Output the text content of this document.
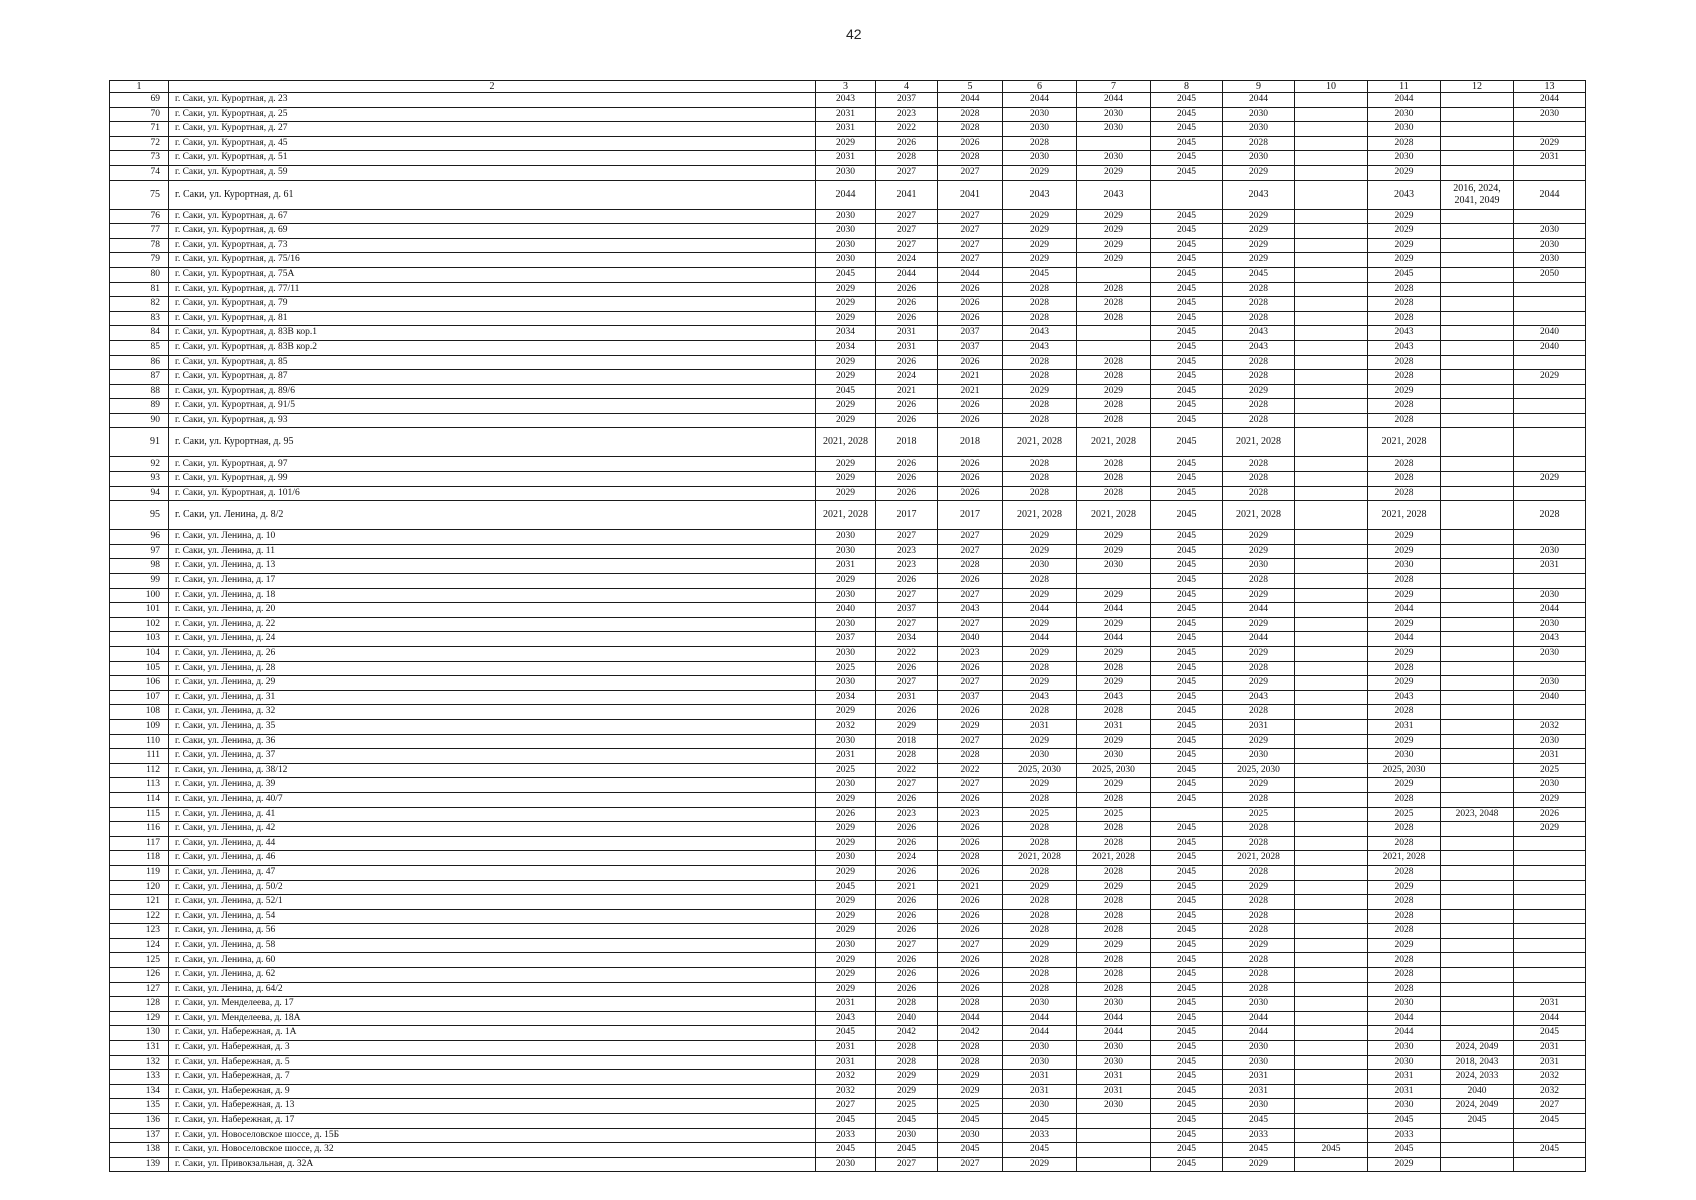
42
1	2	3	4	5	6	7	8	9	10	11	12	13
69	г. Саки, ул. Курортная, д. 23	2043	2037	2044	2044	2044	2045	2044		2044		2044
70	г. Саки, ул. Курортная, д. 25	2031	2023	2028	2030	2030	2045	2030		2030		2030
71	г. Саки, ул. Курортная, д. 27	2031	2022	2028	2030	2030	2045	2030		2030		
72	г. Саки, ул. Курортная, д. 45	2029	2026	2026	2028		2045	2028		2028		2029
73	г. Саки, ул. Курортная, д. 51	2031	2028	2028	2030	2030	2045	2030		2030		2031
74	г. Саки, ул. Курортная, д. 59	2030	2027	2027	2029	2029	2045	2029		2029		
75	г. Саки, ул. Курортная, д. 61	2044	2041	2041	2043	2043		2043		2043	2016, 2024, 2041, 2049	2044
76	г. Саки, ул. Курортная, д. 67	2030	2027	2027	2029	2029	2045	2029		2029		
77	г. Саки, ул. Курортная, д. 69	2030	2027	2027	2029	2029	2045	2029		2029		2030
78	г. Саки, ул. Курортная, д. 73	2030	2027	2027	2029	2029	2045	2029		2029		2030
79	г. Саки, ул. Курортная, д. 75/16	2030	2024	2027	2029	2029	2045	2029		2029		2030
80	г. Саки, ул. Курортная, д. 75А	2045	2044	2044	2045		2045	2045		2045		2050
81	г. Саки, ул. Курортная, д. 77/11	2029	2026	2026	2028	2028	2045	2028		2028		
82	г. Саки, ул. Курортная, д. 79	2029	2026	2026	2028	2028	2045	2028		2028		
83	г. Саки, ул. Курортная, д. 81	2029	2026	2026	2028	2028	2045	2028		2028		
84	г. Саки, ул. Курортная, д. 83В кор.1	2034	2031	2037	2043		2045	2043		2043		2040
85	г. Саки, ул. Курортная, д. 83В кор.2	2034	2031	2037	2043		2045	2043		2043		2040
86	г. Саки, ул. Курортная, д. 85	2029	2026	2026	2028	2028	2045	2028		2028		
87	г. Саки, ул. Курортная, д. 87	2029	2024	2021	2028	2028	2045	2028		2028		2029
88	г. Саки, ул. Курортная, д. 89/6	2045	2021	2021	2029	2029	2045	2029		2029		
89	г. Саки, ул. Курортная, д. 91/5	2029	2026	2026	2028	2028	2045	2028		2028		
90	г. Саки, ул. Курортная, д. 93	2029	2026	2026	2028	2028	2045	2028		2028		
91	г. Саки, ул. Курортная, д. 95	2021, 2028	2018	2018	2021, 2028	2021, 2028	2045	2021, 2028		2021, 2028		
92	г. Саки, ул. Курортная, д. 97	2029	2026	2026	2028	2028	2045	2028		2028		
93	г. Саки, ул. Курортная, д. 99	2029	2026	2026	2028	2028	2045	2028		2028		2029
94	г. Саки, ул. Курортная, д. 101/6	2029	2026	2026	2028	2028	2045	2028		2028		
95	г. Саки, ул. Ленина, д. 8/2	2021, 2028	2017	2017	2021, 2028	2021, 2028	2045	2021, 2028		2021, 2028		2028
96	г. Саки, ул. Ленина, д. 10	2030	2027	2027	2029	2029	2045	2029		2029		
97	г. Саки, ул. Ленина, д. 11	2030	2023	2027	2029	2029	2045	2029		2029		2030
98	г. Саки, ул. Ленина, д. 13	2031	2023	2028	2030	2030	2045	2030		2030		2031
99	г. Саки, ул. Ленина, д. 17	2029	2026	2026	2028		2045	2028		2028		
100	г. Саки, ул. Ленина, д. 18	2030	2027	2027	2029	2029	2045	2029		2029		2030
101	г. Саки, ул. Ленина, д. 20	2040	2037	2043	2044	2044	2045	2044		2044		2044
102	г. Саки, ул. Ленина, д. 22	2030	2027	2027	2029	2029	2045	2029		2029		2030
103	г. Саки, ул. Ленина, д. 24	2037	2034	2040	2044	2044	2045	2044		2044		2043
104	г. Саки, ул. Ленина, д. 26	2030	2022	2023	2029	2029	2045	2029		2029		2030
105	г. Саки, ул. Ленина, д. 28	2025	2026	2026	2028	2028	2045	2028		2028		
106	г. Саки, ул. Ленина, д. 29	2030	2027	2027	2029	2029	2045	2029		2029		2030
107	г. Саки, ул. Ленина, д. 31	2034	2031	2037	2043	2043	2045	2043		2043		2040
108	г. Саки, ул. Ленина, д. 32	2029	2026	2026	2028	2028	2045	2028		2028		
109	г. Саки, ул. Ленина, д. 35	2032	2029	2029	2031	2031	2045	2031		2031		2032
110	г. Саки, ул. Ленина, д. 36	2030	2018	2027	2029	2029	2045	2029		2029		2030
111	г. Саки, ул. Ленина, д. 37	2031	2028	2028	2030	2030	2045	2030		2030		2031
112	г. Саки, ул. Ленина, д. 38/12	2025	2022	2022	2025, 2030	2025, 2030	2045	2025, 2030		2025, 2030		2025
113	г. Саки, ул. Ленина, д. 39	2030	2027	2027	2029	2029	2045	2029		2029		2030
114	г. Саки, ул. Ленина, д. 40/7	2029	2026	2026	2028	2028	2045	2028		2028		2029
115	г. Саки, ул. Ленина, д. 41	2026	2023	2023	2025	2025		2025		2025	2023, 2048	2026
116	г. Саки, ул. Ленина, д. 42	2029	2026	2026	2028	2028	2045	2028		2028		2029
117	г. Саки, ул. Ленина, д. 44	2029	2026	2026	2028	2028	2045	2028		2028		
118	г. Саки, ул. Ленина, д. 46	2030	2024	2028	2021, 2028	2021, 2028	2045	2021, 2028		2021, 2028		
119	г. Саки, ул. Ленина, д. 47	2029	2026	2026	2028	2028	2045	2028		2028		
120	г. Саки, ул. Ленина, д. 50/2	2045	2021	2021	2029	2029	2045	2029		2029		
121	г. Саки, ул. Ленина, д. 52/1	2029	2026	2026	2028	2028	2045	2028		2028		
122	г. Саки, ул. Ленина, д. 54	2029	2026	2026	2028	2028	2045	2028		2028		
123	г. Саки, ул. Ленина, д. 56	2029	2026	2026	2028	2028	2045	2028		2028		
124	г. Саки, ул. Ленина, д. 58	2030	2027	2027	2029	2029	2045	2029		2029		
125	г. Саки, ул. Ленина, д. 60	2029	2026	2026	2028	2028	2045	2028		2028		
126	г. Саки, ул. Ленина, д. 62	2029	2026	2026	2028	2028	2045	2028		2028		
127	г. Саки, ул. Ленина, д. 64/2	2029	2026	2026	2028	2028	2045	2028		2028		
128	г. Саки, ул. Менделеева, д. 17	2031	2028	2028	2030	2030	2045	2030		2030		2031
129	г. Саки, ул. Менделеева, д. 18А	2043	2040	2044	2044	2044	2045	2044		2044		2044
130	г. Саки, ул. Набережная, д. 1А	2045	2042	2042	2044	2044	2045	2044		2044		2045
131	г. Саки, ул. Набережная, д. 3	2031	2028	2028	2030	2030	2045	2030		2030	2024, 2049	2031
132	г. Саки, ул. Набережная, д. 5	2031	2028	2028	2030	2030	2045	2030		2030	2018, 2043	2031
133	г. Саки, ул. Набережная, д. 7	2032	2029	2029	2031	2031	2045	2031		2031	2024, 2033	2032
134	г. Саки, ул. Набережная, д. 9	2032	2029	2029	2031	2031	2045	2031		2031	2040	2032
135	г. Саки, ул. Набережная, д. 13	2027	2025	2025	2030	2030	2045	2030		2030	2024, 2049	2027
136	г. Саки, ул. Набережная, д. 17	2045	2045	2045	2045		2045	2045		2045	2045	2045
137	г. Саки, ул. Новоселовское шоссе, д. 15Б	2033	2030	2030	2033		2045	2033		2033		
138	г. Саки, ул. Новоселовское шоссе, д. 32	2045	2045	2045	2045		2045	2045	2045	2045		2045
139	г. Саки, ул. Привокзальная, д. 32А	2030	2027	2027	2029		2045	2029		2029		
